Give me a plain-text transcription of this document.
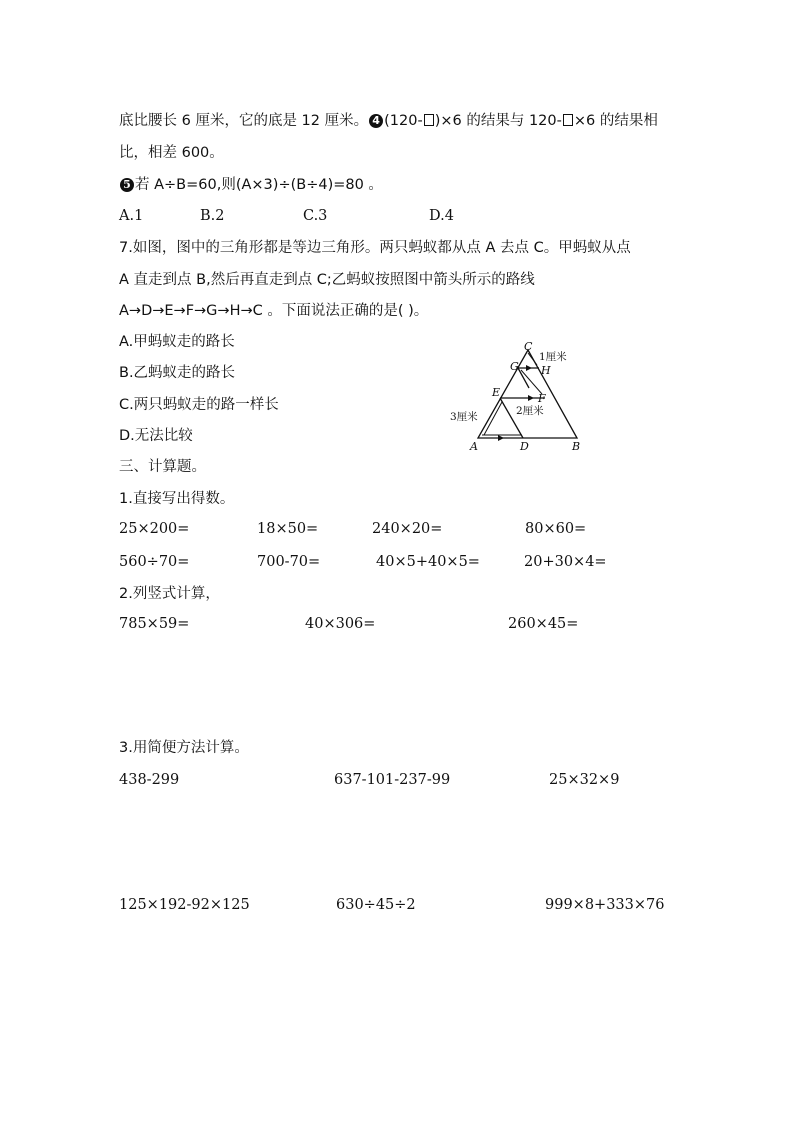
底比腰长 6 厘米，它的底是 12 厘米。 4 (120- )×6 的结果与 120- ×6 的结果相
比，相差 600。
5 若 A÷B=60,则(A×3)÷(B÷4)=80 。
A.1	B.2	C.3	D.4
7.如图，图中的三角形都是等边三角形。两只蚂蚁都从点 A 去点 C。甲蚂蚁从点
A 直走到点 B,然后再直走到点 C;乙蚂蚁按照图中箭头所示的路线
A→D→E→F→G→H→C 。下面说法正确的是( )。
A.甲蚂蚁走的路长
B.乙蚂蚁走的路长
C.两只蚂蚁走的路一样长
D.无法比较
A	B
C
D
E	F
G H
1厘米
2厘米
3厘米
三、计算题。
1.直接写出得数。
25×200=	18×50=	240×20=	80×60=
560÷70=	700-70=	40×5+40×5=	20+30×4=
2.列竖式计算，
785×59=	40×306=	260×45=
3.用简便方法计算。
438-299	637-101-237-99	25×32×9
125×192-92×125	630÷45÷2	999×8+333×76
